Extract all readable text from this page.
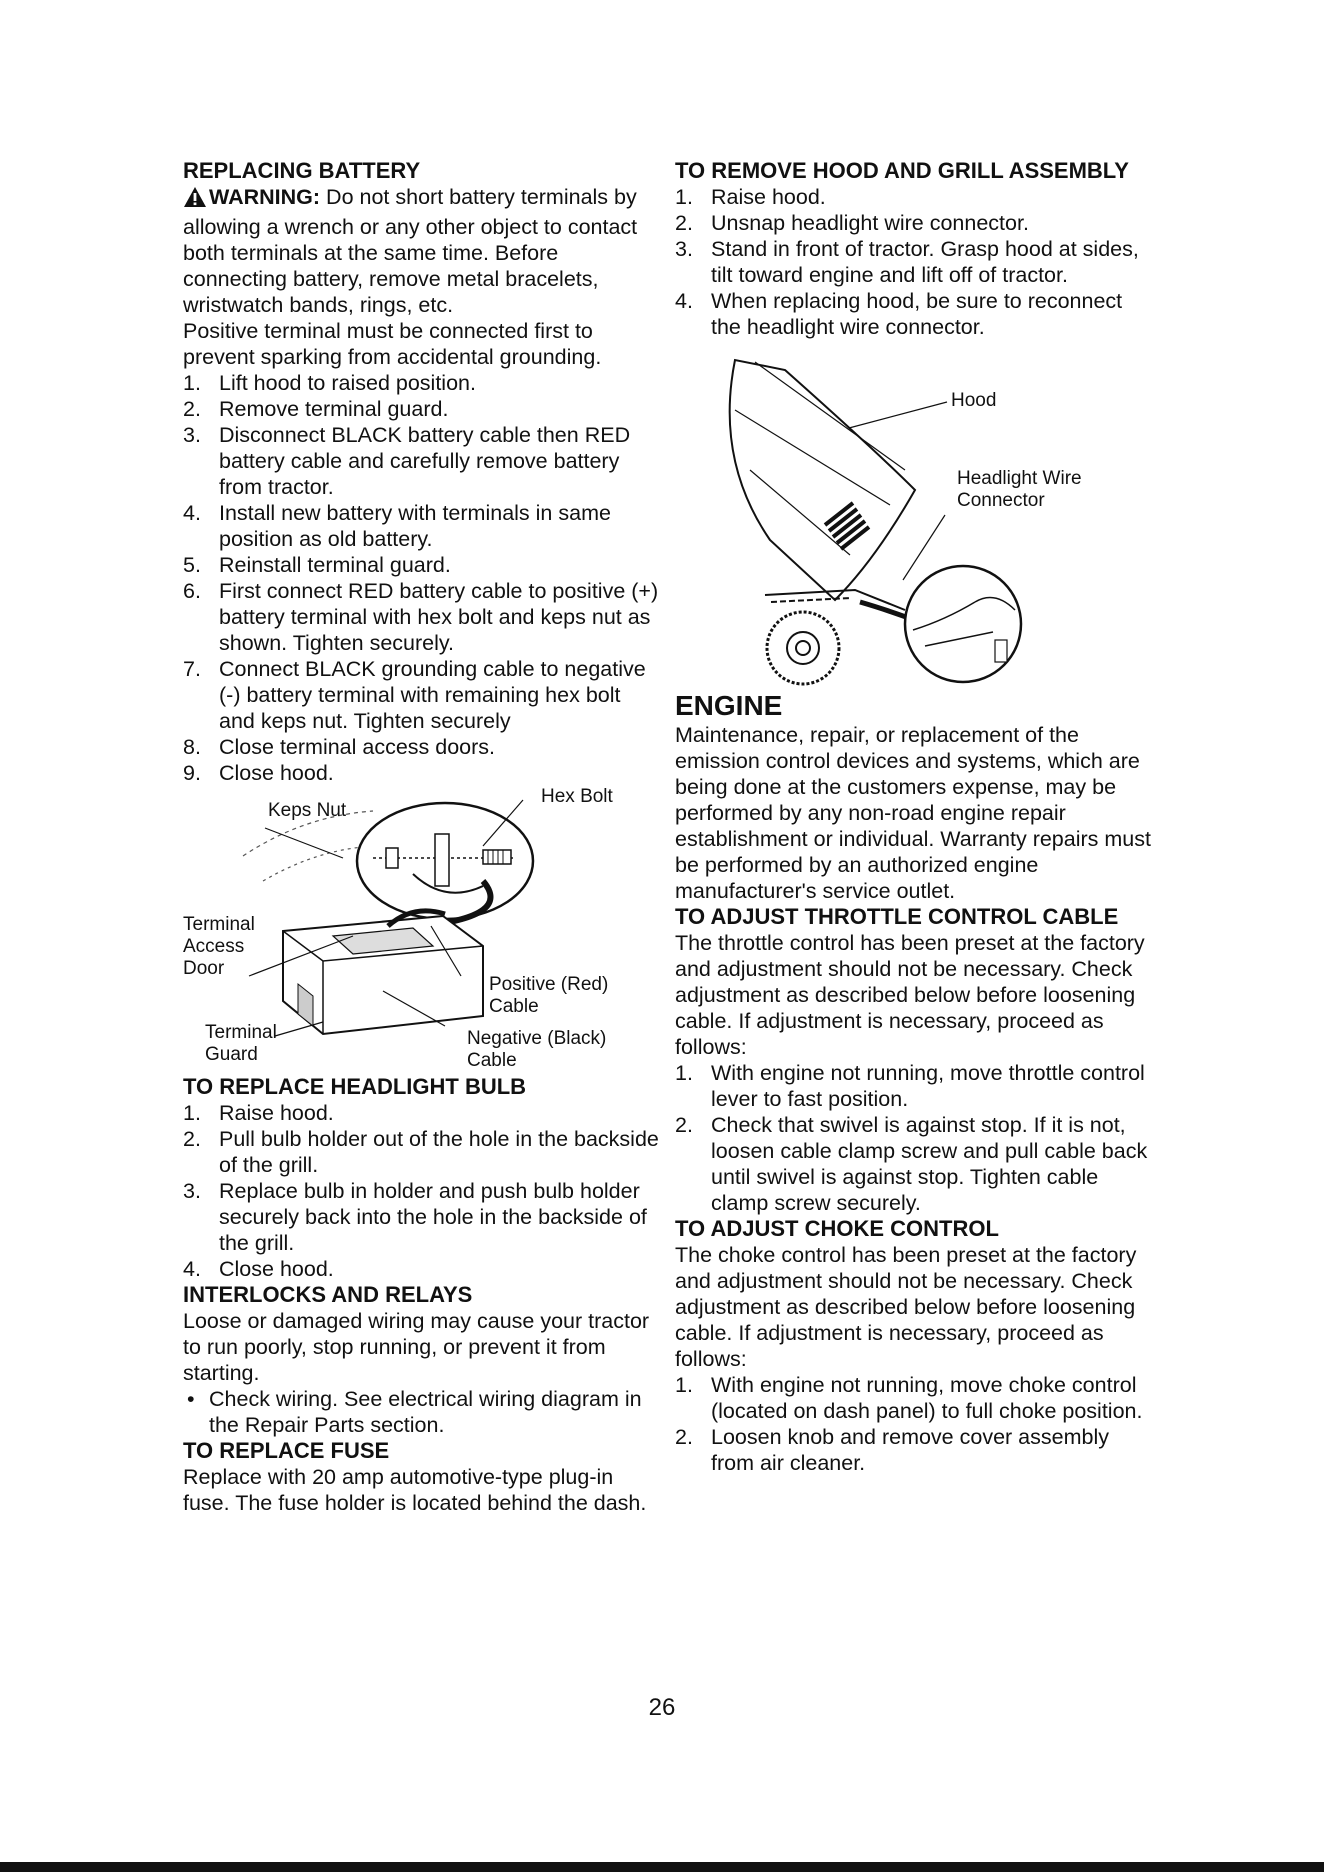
REPLACING BATTERY
WARNING: Do not short battery terminals by allowing a wrench or any other object to contact both terminals at the same time. Before connecting battery, remove metal bracelets, wristwatch bands, rings, etc.
Positive terminal must be connected first to prevent sparking from accidental grounding.
1. Lift hood to raised position.
2. Remove terminal guard.
3. Disconnect BLACK battery cable then RED battery cable and carefully remove battery from tractor.
4. Install new battery with terminals in same position as old battery.
5. Reinstall terminal guard.
6. First connect RED battery cable to positive (+) battery terminal with hex bolt and keps nut as shown. Tighten securely.
7. Connect BLACK grounding cable to negative (-) battery terminal with remaining hex bolt and keps nut. Tighten securely
8. Close terminal access doors.
9. Close hood.
Keps Nut
Hex Bolt
Terminal
Access
Door
Positive (Red)
Cable
Terminal
Guard
Negative (Black)
Cable
TO REPLACE HEADLIGHT BULB
1. Raise hood.
2. Pull bulb holder out of the hole in the backside of the grill.
3. Replace bulb in holder and push bulb holder securely back into the hole in the backside of the grill.
4. Close hood.
INTERLOCKS AND RELAYS
Loose or damaged wiring may cause your tractor to run poorly, stop running, or prevent it from starting.
• Check wiring. See electrical wiring diagram in the Repair Parts section.
TO REPLACE FUSE
Replace with 20 amp automotive-type plug-in fuse. The fuse holder is located behind the dash.
TO REMOVE HOOD AND GRILL ASSEMBLY
1. Raise hood.
2. Unsnap headlight wire connector.
3. Stand in front of tractor. Grasp hood at sides, tilt toward engine and lift off of tractor.
4. When replacing hood, be sure to reconnect the headlight wire connector.
Hood
Headlight Wire
Connector
ENGINE
Maintenance, repair, or replacement of the emission control devices and systems, which are being done at the customers expense, may be performed by any non-road engine repair establishment or individual. Warranty repairs must be performed by an authorized engine manufacturer's service outlet.
TO ADJUST THROTTLE CONTROL CABLE
The throttle control has been preset at the factory and adjustment should not be necessary. Check adjustment as described below before loosening cable. If adjustment is necessary, proceed as follows:
1. With engine not running, move throttle control lever to fast position.
2. Check that swivel is against stop. If it is not, loosen cable clamp screw and pull cable back until swivel is against stop. Tighten cable clamp screw securely.
TO ADJUST CHOKE CONTROL
The choke control has been preset at the factory and adjustment should not be necessary. Check adjustment as described below before loosening cable. If adjustment is necessary, proceed as follows:
1. With engine not running, move choke control (located on dash panel) to full choke position.
2. Loosen knob and remove cover assembly from air cleaner.
26
